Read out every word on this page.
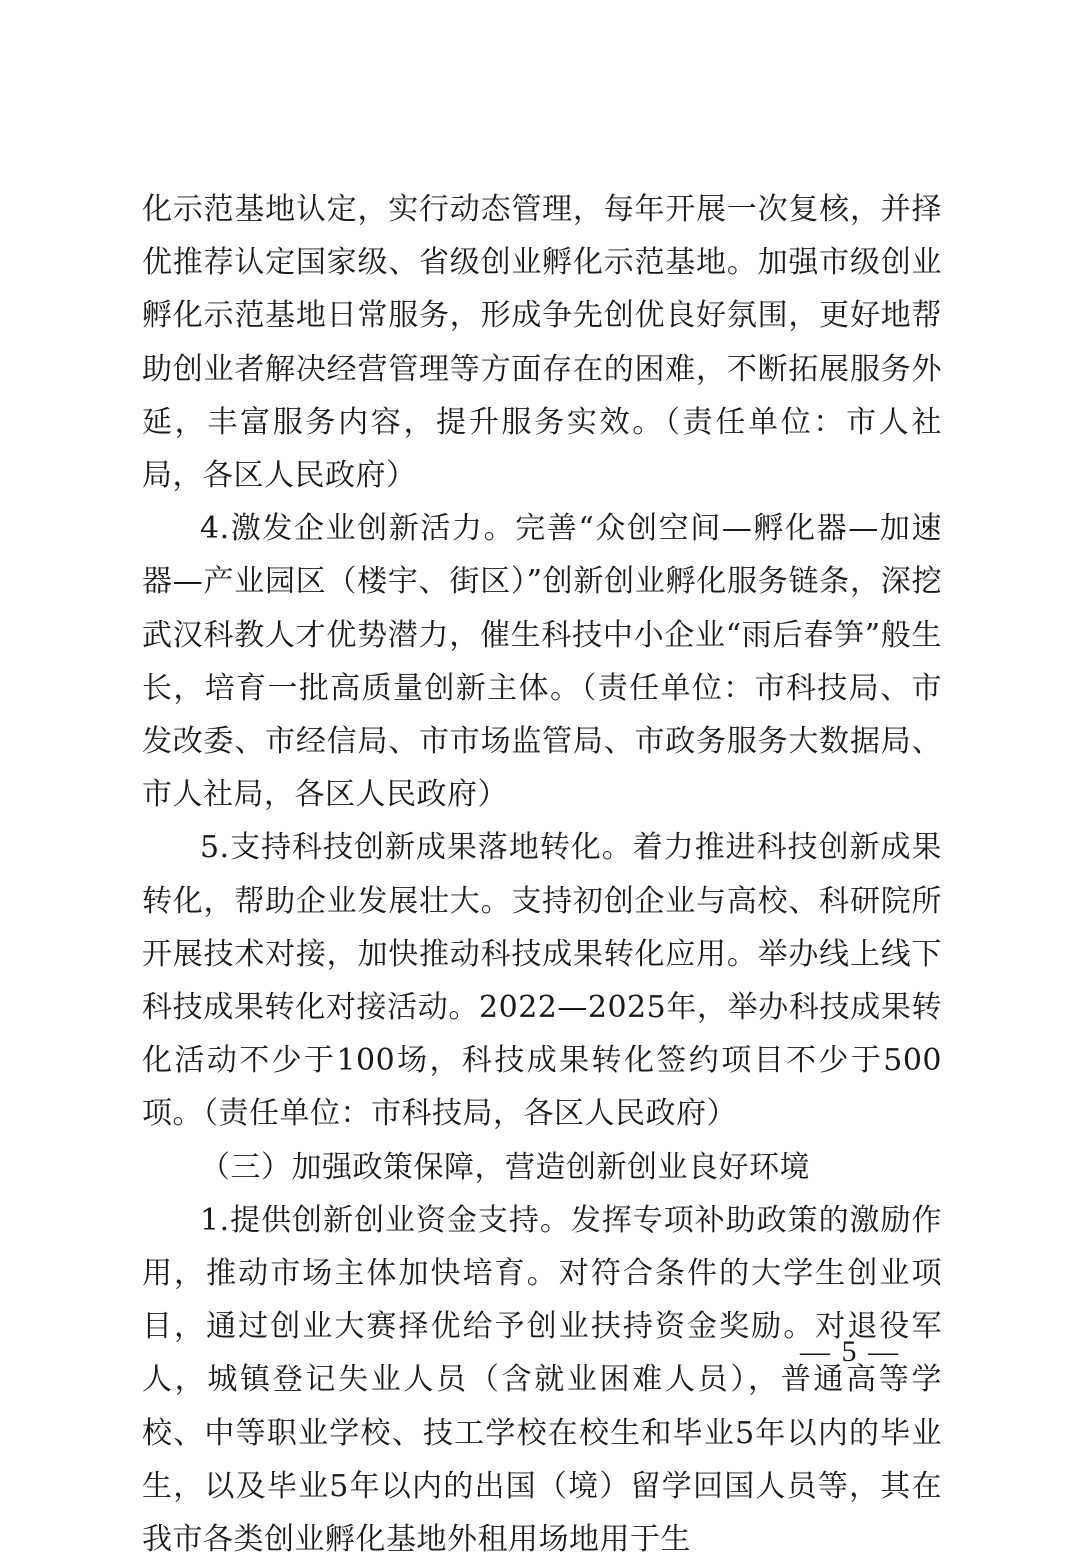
化示范基地认定，实行动态管理，每年开展一次复核，并择优推荐认定国家级、省级创业孵化示范基地。加强市级创业孵化示范基地日常服务，形成争先创优良好氛围，更好地帮助创业者解决经营管理等方面存在的困难，不断拓展服务外延，丰富服务内容，提升服务实效。（责任单位：市人社局，各区人民政府）

4.激发企业创新活力。完善“众创空间—孵化器—加速器—产业园区（楼宇、街区）”创新创业孵化服务链条，深挖武汉科教人才优势潜力，催生科技中小企业“雨后春笋”般生长，培育一批高质量创新主体。（责任单位：市科技局、市发改委、市经信局、市市场监管局、市政务服务大数据局、市人社局，各区人民政府）

5.支持科技创新成果落地转化。着力推进科技创新成果转化，帮助企业发展壮大。支持初创企业与高校、科研院所开展技术对接，加快推动科技成果转化应用。举办线上线下科技成果转化对接活动。2022—2025年，举办科技成果转化活动不少于100场，科技成果转化签约项目不少于500项。（责任单位：市科技局，各区人民政府）

（三）加强政策保障，营造创新创业良好环境

1.提供创新创业资金支持。发挥专项补助政策的激励作用，推动市场主体加快培育。对符合条件的大学生创业项目，通过创业大赛择优给予创业扶持资金奖励。对退役军人，城镇登记失业人员（含就业困难人员），普通高等学校、中等职业学校、技工学校在校生和毕业5年以内的毕业生，以及毕业5年以内的出国（境）留学回国人员等，其在我市各类创业孵化基地外租用场地用于生

— 5 —
